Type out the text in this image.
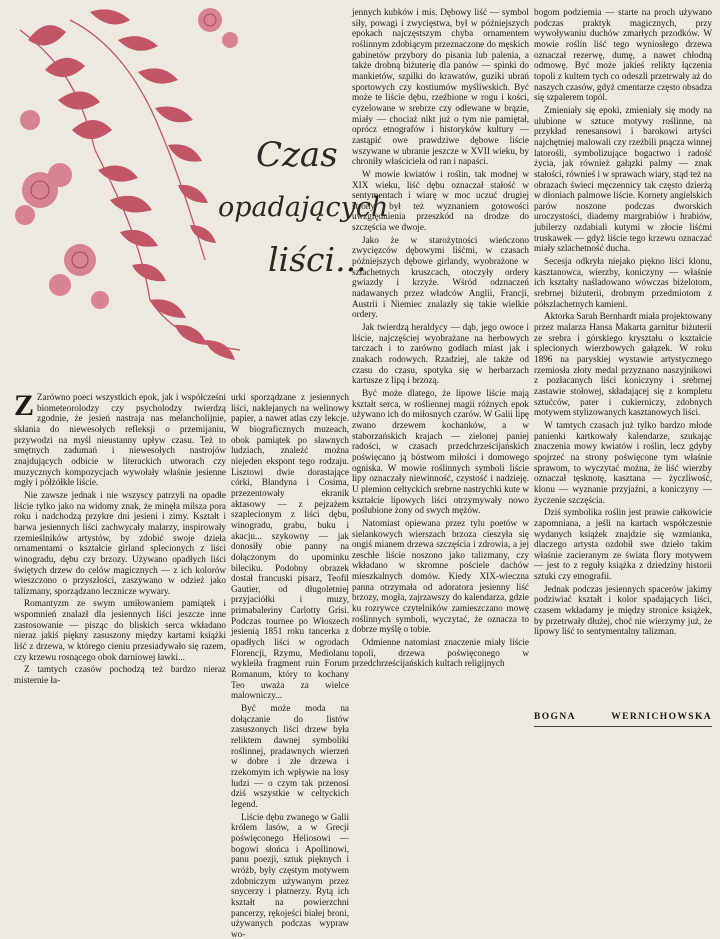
Czas
opadających
liści...

Z Zarówno poeci wszystkich epok, jak i współcześni biometeorolodzy czy psycholodzy twierdzą zgodnie, że jesień nastraja nas melancholijnie, skłania do niewesołych refleksji o przemijaniu, przywodzi na myśl nieustanny upływ czasu. Też to smętnych zadumań i niewesołych nastrojów znajdujących odbicie w literackich utworach czy muzycznych kompozycjach wywołały właśnie jesienne mgły i półżółkłe liście.

Nie zawsze jednak i nie wszyscy patrzyli na opadłe liście tylko jako na widomy znak, że minęła milsza pora roku i nadchodzą przykre dni jesieni i zimy. Kształt i barwa jesiennych liści zachwycały malarzy, inspirowały rzemieślników artystów, by zdobić swoje dzieła ornamentami o kształcie girland splecionych z liści winogradu, dębu czy brzozy. Używano opadłych liści świętych drzew do celów magicznych — z ich kolorów wieszczono o przyszłości, zaszywano w odzież jako talizmany, sporządzano lecznicze wywary.

Romantyzm ze swym umiłowaniem pamiątek i wspomnień znalazł dla jesiennych liści jeszcze inne zastosowanie — pisząc do bliskich serca wkładano nieraz jakiś piękny zasuszony między kartami książki liść z drzewa, w którego cieniu przesiadywało się razem, czy krzewu rosnącego obok darniowej ławki...

Z tamtych czasów pochodzą też bardzo nieraz misternie ła-

urki sporządzane z jesiennych liści, naklejanych na welinowy papier, a nawet atlas czy lekcje. W biograficznych muzeach, obok pamiątek po sławnych ludziach, znaleźć można niejeden ekspont tego rodzaju. Lisztowi dwie dorastające córki, Blandyna i Cosima, przezentowały ekranik aktasowy — z pejzażem szaplecionym z liści dębu, winogradu, grabu, buku i akacju... szykowny — jak donosiły obie panny na dołączonym do upominku bileciku. Podobny obrazek dostał francuski pisarz, Teofil Gautier, od długoletniej przyjaciółki i muzy, primabaleriny Carlotty Grisi. Podczas tournee po Włoszech jesienią 1851 roku tancerka z opadłych liści w ogrodach Florencji, Rzymu, Mediolanu wykleiła fragment ruin Forum Romanum, który to kochany Teo uważa za wielce malowniczy...

Być może moda na dołączanie do listów zasuszonych liści drzew była reliktem dawnej symboliki roślinnej, pradawnych wierzeń w dobre i złe drzewa i rzekomym ich wpływie na losy ludzi — o czym tak przenosi dziś wszystkie w celtyckich legend.

Liście dębu zwanego w Galii królem lasów, a w Grecji poświęconego Heliosowi — bogowi słońca i Apollinowi, panu poezji, sztuk pięknych i wróżb, były częstym motywem zdobniczym używanym przez snycerzy i płatnerzy. Rytą ich kształt na powierzchni pancerzy, rękojeści białej broni, używanych podczas wypraw wo-

jennych kubków i mis. Dębowy liść — symbol siły, powagi i zwycięstwa, był w późniejszych epokach najczęstszym chyba ornamentem roślinnym zdobiącym przeznaczone do męskich gabinetów przybory do pisania lub palenia, a także drobną biżuterię dla panów — spinki do mankietów, szpilki do krawatów, guziki ubrań sportowych czy kostiumów myśliwskich. Być może te liście dębu, rzeźbione w rogu i kości, cyzelowane w srebrze czy odlewane w brązie, miały — chociaż nikt już o tym nie pamiętał, oprócz etnografów i historyków kultury — zastąpić owe prawdziwe dębowe liście wszywane w ubranie jeszcze w XVII wieku, by chroniły właściciela od ran i napaści.

W mowie kwiatów i roślin, tak modnej w XIX wieku, liść dębu oznaczał stałość w sentymentach i wiarę w moc uczuć drugiej strony, był też wyznaniem gotowości uwzględnienia przeszkód na drodze do szczęścia we dwoje.

Jako że w starożytności wieńczono zwycięzców dębowymi liśćmi, w czasach późniejszych dębowe girlandy, wyobrażone w szlachetnych kruszcach, otoczyły ordery gwiazdy i krzyże. Wśród odznaczeń nadawanych przez władców Anglii, Francji, Austrii i Niemiec znalazły się takie wielkie ordery.

Jak twierdzą heraldycy — dąb, jego owoce i liście, najczęściej wyobrażane na herbowych tarczach i to zarówno godłach miast jak i znakach rodowych. Rzadziej, ale także od czasu do czasu, spotyka się w herbarzach kartusze z lipą i brzozą.

Być może dlatego, że lipowe liście mają kształt serca, w rośliennej magii różnych epok używano ich do miłosnych czarów. W Galii lipę zwano drzewem kochanków, a w staborzańskich krajach — zielonej paniej radości, w czasach przedchrześcijańskich poświęcano ją bóstwom miłości i domowego ogniska. W mowie roślinnych symboli liście lipy oznaczały niewinność, czystość i nadzieję. U plemion celtyckich srebrne nastrychki kute w kształcie lipowych liści otrzymywały nowo poślubione żony od swych mężów.

Natomiast opiewana przez tylu poetów w sielankowych wierszach brzoza cieszyła się ongiś mianem drzewa szczęścia i zdrowia, a jej zeschłe liście noszono jako talizmany, czy wkładano w skromne pościele dachów mieszkalnych domów. Kiedy XIX-wieczna panna otrzymała od adoratora jesienny liść brzozy, mogła, zajrzawszy do kalendarza, gdzie ku rozrywce czytelników zamieszczano mowę roślinnych symboli, wyczytać, że oznacza to dobrze myślę o tobie.

Odmienne natomiast znaczenie miały liście topoli, drzewa poświęconego w przedchrześcijańskich kultach religijnych

bogom podziemia — starte na proch używano podczas praktyk magicznych, przy wywoływaniu duchów zmarłych przodków. W mowie roślin liść tego wyniosłego drzewa oznaczał rezerwę, dumę, a nawet chłodną odmowę. Być może jakieś relikty łączenia topoli z kultem tych co odeszli przetrwały aż do naszych czasów, gdyż cmentarze często obsadza się szpalerem topól.

Zmieniały się epoki, zmieniały się mody na ulubione w sztuce motywy roślinne, na przykład renesansowi i barokowi artyści najchętniej malowali czy rzeźbili pnącza winnej latorośli, symbolizujące bogactwo i radość życia, jak również gałązki palmy — znak stałości, równieś i w sprawach wiary, stąd też na obrazach świeci męczennicy tak często dzierżą w dłoniach palmowe liście. Kornety angielskich parów noszone podczas dworskich uroczystości, diademy margrabiów i hrabiów, jubilerzy ozdabiali kutymi w złocie liśćmi truskawek — gdyż liście tego krzewu oznaczać miały szlachetność ducha.

Secesja odkryła niejako piękno liści klonu, kasztanowca, wierzby, koniczyny — właśnie ich kształty naśladowano wówczas biżelotom, srebrnej biżuterii, drobnym przedmiotom z półszlachetnych kamieni.

Aktorka Sarah Bernhardt miała projektowany przez malarza Hansa Makarta garnitur biżuterii ze srebra i górskiego kryształu o kształcie splecionych wierzbowych gałązek. W roku 1896 na paryskiej wystawie artystycznego rzemiosła złoty medal przyznano naszyjnikowi z pozłacanych liści koniczyny i srebrnej zastawie stołowej, składającej się z kompletu sztućców, pater i cukierniczy, zdobnych motywem stylizowanych kasztanowych liści.

W tamtych czasach już tylko bardzo młode panienki kartkowały kalendarze, szukając znaczenia mowy kwiatów i roślin, lecz gdyby spojrzeć na strony poświęcone tym właśnie sprawom, to wyczytać można, że liść wierzby oznaczał tęsknotę, kasztana — życzliwość, klonu — wyznanie przyjaźni, a koniczyny — życzenie szczęścia.

Dziś symbolika roślin jest prawie całkowicie zapomniana, a jeśli na kartach współczesnie wydanych książek znajdzie się wzmianka, dlaczego artysta ozdobił swe dzieło takim właśnie zacieranym ze świata flory motywem — jest to z reguły książka z dziedziny historii sztuki czy etnografii.

Jednak podczas jesiennych spacerów jakimy podziwiać kształt i kolor spadających liści, czasem wkładamy je między stronice książek, by przetrwały dłużej, choć nie wierzymy już, że lipowy liść to sentymentalny talizman.

BOGNA	WERNICHOWSKA
